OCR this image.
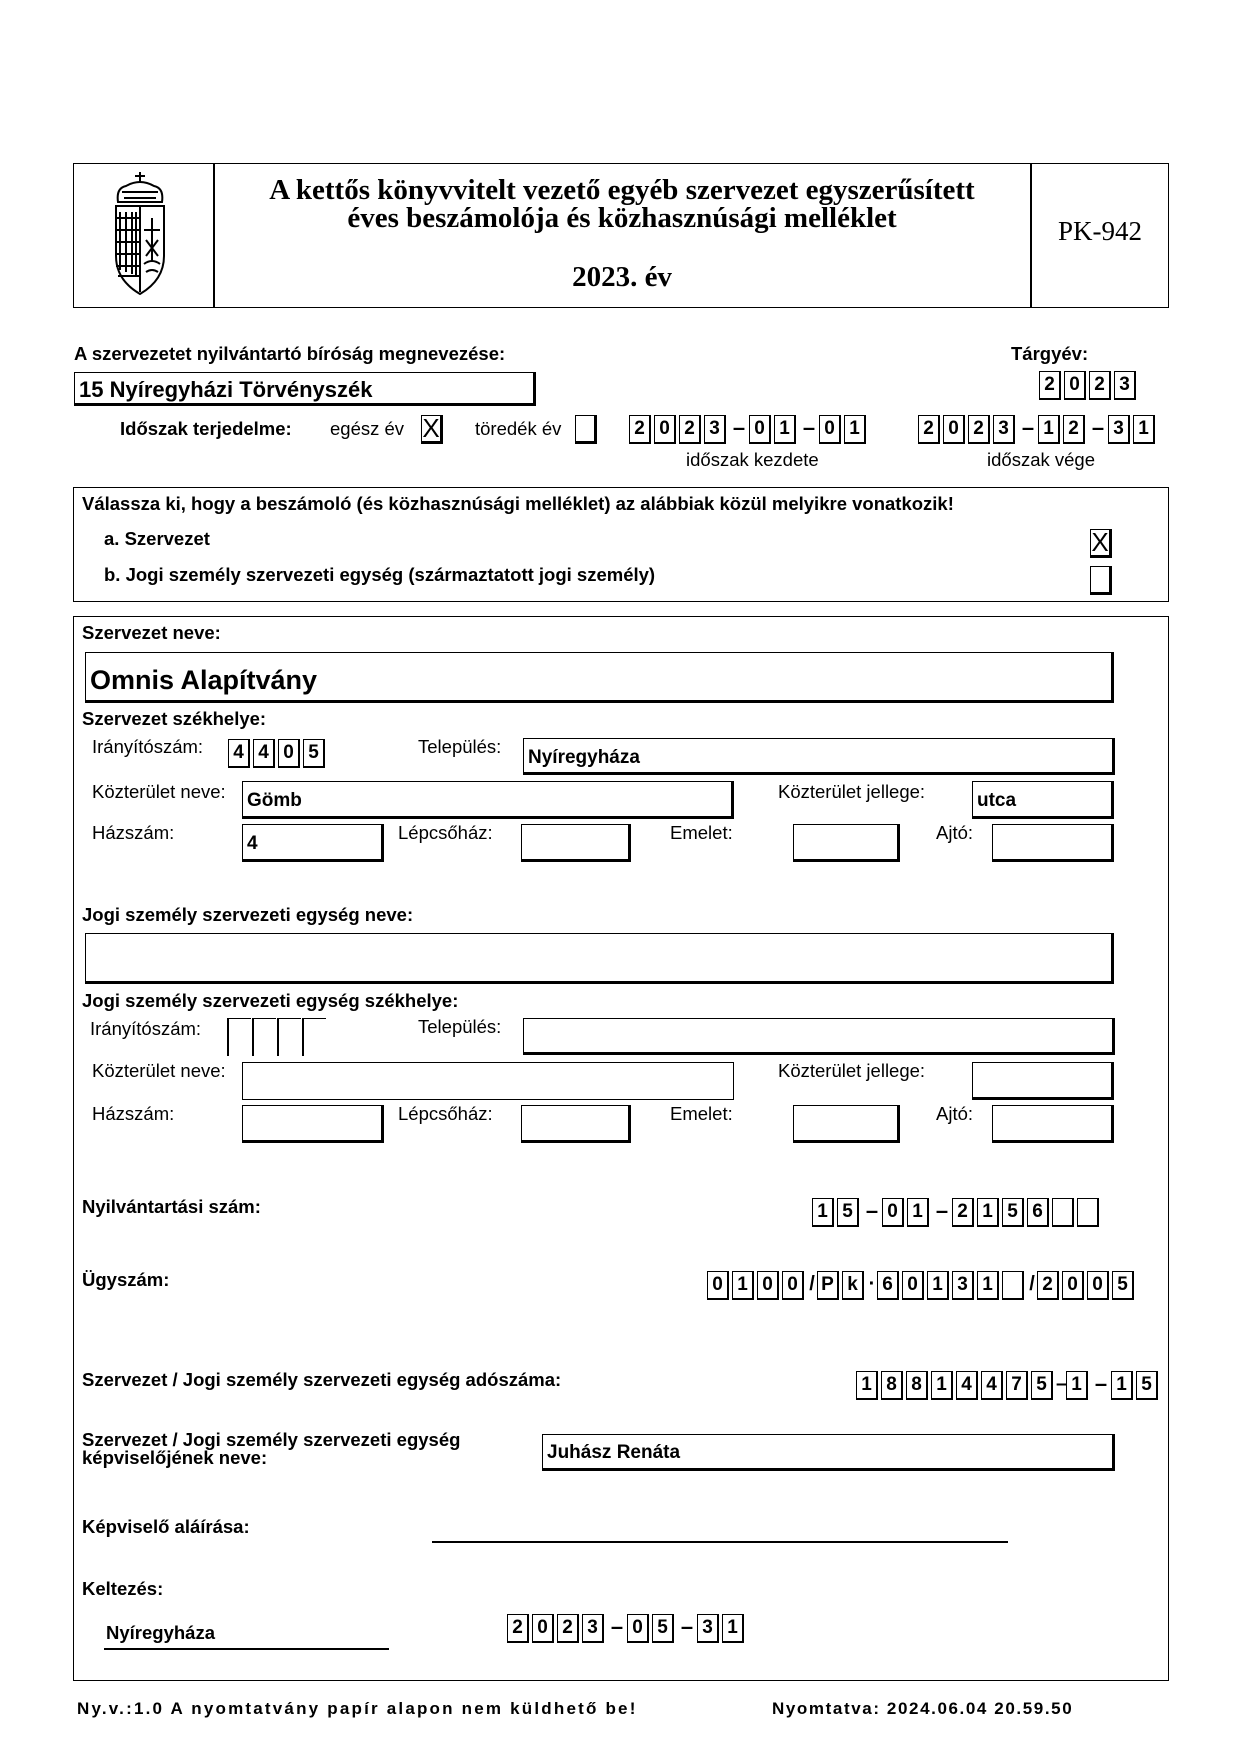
A kettős könyvvitelt vezető egyéb szervezet egyszerűsített
éves beszámolója és közhasznúsági melléklet
2023. év
PK-942
A szervezetet nyilvántartó bíróság megnevezése:
15 Nyíregyházi Törvényszék
Tárgyév:
2 0 2 3
Időszak terjedelme: egész év X töredék év	2 0 2 3 – 0 1 – 0 1
időszak kezdete
2 0 2 3 – 1 2 – 3 1
időszak vége
Válassza ki, hogy a beszámoló (és közhasznúsági melléklet) az alábbiak közül melyikre vonatkozik!
a. Szervezet	X
b. Jogi személy szervezeti egység (származtatott jogi személy)
Szervezet neve:
Omnis Alapítvány
Szervezet székhelye:
Irányítószám: 4 4 0 5	Település:
Nyíregyháza
Közterület neve: Gömb	Közterület jellege:	utca
Házszám:
4
Lépcsőház:	Emelet:	Ajtó:
Jogi személy szervezeti egység neve:
Jogi személy szervezeti egység székhelye:
Irányítószám:	Település:
Közterület neve:	Közterület jellege:
Házszám:	Lépcsőház:	Emelet:	Ajtó:
Nyilvántartási szám:	1 5 – 0 1 – 2 1 5 6
Ügyszám:	0 1 0 0 / P k · 6 0 1 3 1	/ 2 0 0 5
Szervezet / Jogi személy szervezeti egység adószáma:	1 8 8 1 4 4 7 5 – 1 – 1 5
Szervezet / Jogi személy szervezeti egység
képviselőjének neve:	Juhász Renáta
Képviselő aláírása:
Keltezés:
Nyíregyháza	2 0 2 3 – 0 5 – 3 1
Ny.v.:1.0 A nyomtatvány papír alapon nem küldhető be!	Nyomtatva: 2024.06.04 20.59.50
